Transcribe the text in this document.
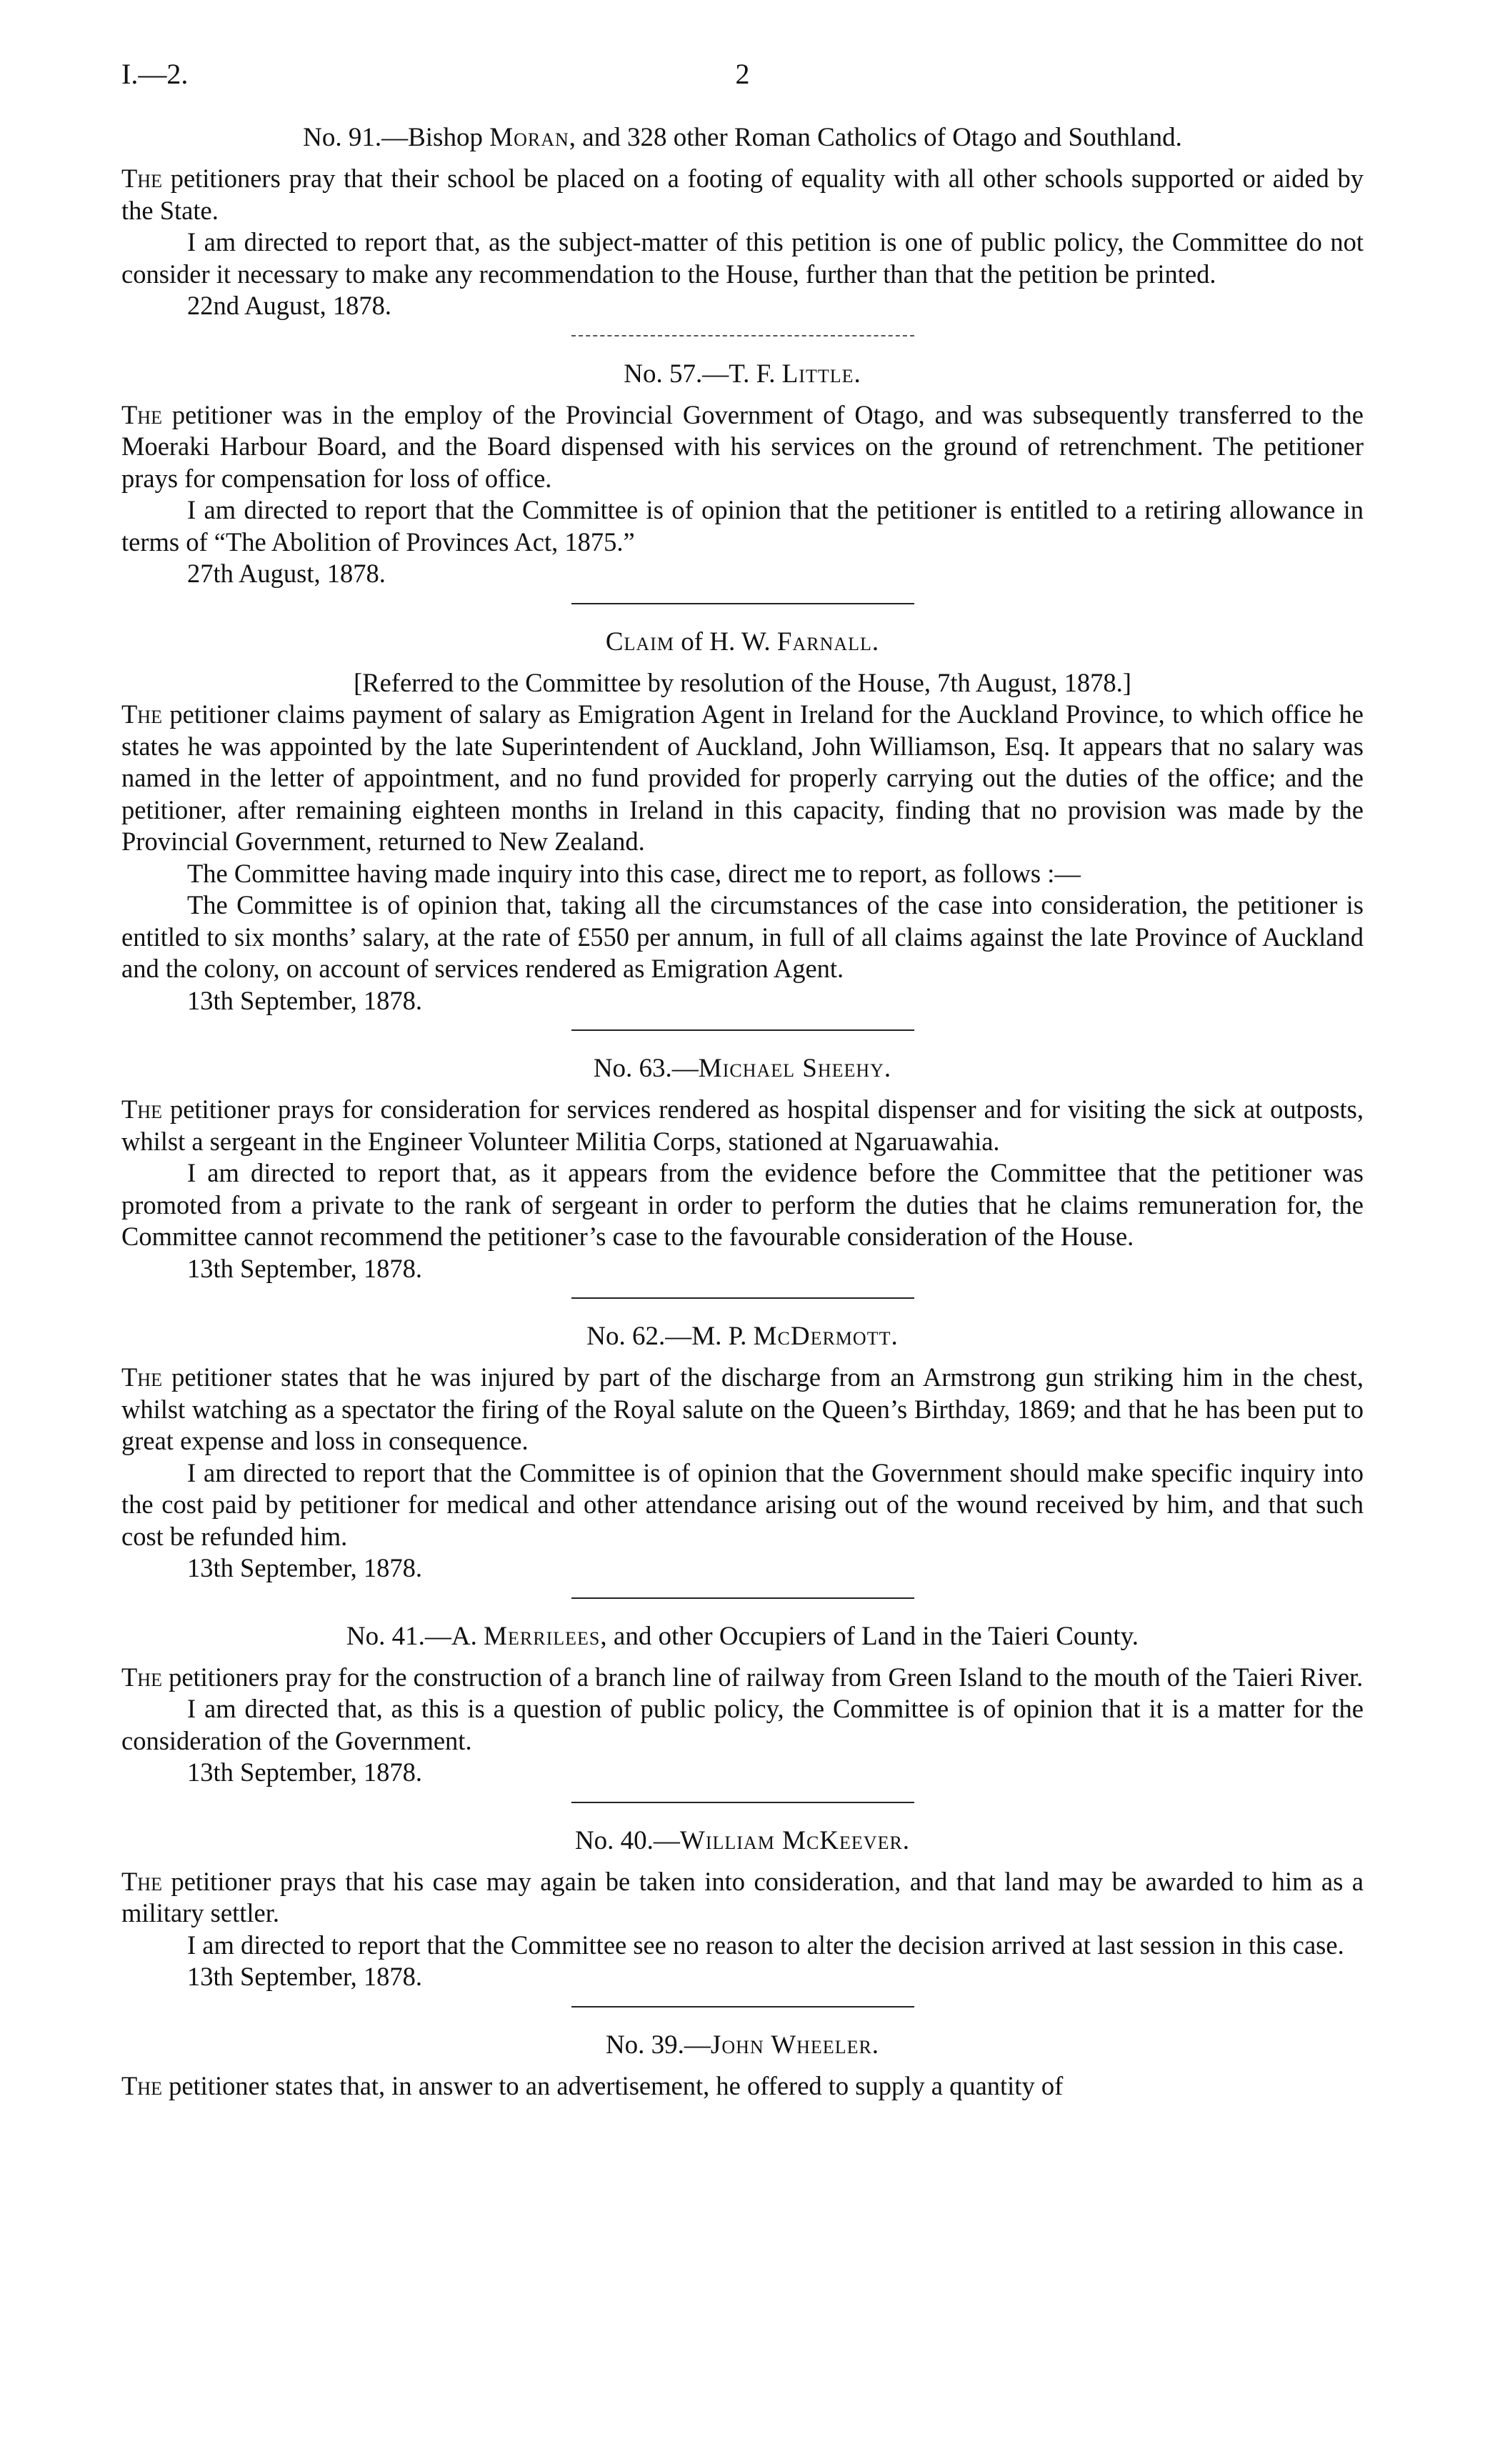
I.—2.	2

No. 91.—Bishop Moran, and 328 other Roman Catholics of Otago and Southland.

The petitioners pray that their school be placed on a footing of equality with all other schools supported or aided by the State.

I am directed to report that, as the subject-matter of this petition is one of public policy, the Committee do not consider it necessary to make any recommendation to the House, further than that the petition be printed.

22nd August, 1878.

No. 57.—T. F. Little.

The petitioner was in the employ of the Provincial Government of Otago, and was subsequently transferred to the Moeraki Harbour Board, and the Board dispensed with his services on the ground of retrenchment. The petitioner prays for compensation for loss of office.

I am directed to report that the Committee is of opinion that the petitioner is entitled to a retiring allowance in terms of “The Abolition of Provinces Act, 1875.”

27th August, 1878.

Claim of H. W. Farnall.

[Referred to the Committee by resolution of the House, 7th August, 1878.]

The petitioner claims payment of salary as Emigration Agent in Ireland for the Auckland Province, to which office he states he was appointed by the late Superintendent of Auckland, John Williamson, Esq. It appears that no salary was named in the letter of appointment, and no fund provided for properly carrying out the duties of the office; and the petitioner, after remaining eighteen months in Ireland in this capacity, finding that no provision was made by the Provincial Government, returned to New Zealand.

The Committee having made inquiry into this case, direct me to report, as follows :—

The Committee is of opinion that, taking all the circumstances of the case into consideration, the petitioner is entitled to six months’ salary, at the rate of £550 per annum, in full of all claims against the late Province of Auckland and the colony, on account of services rendered as Emigration Agent.

13th September, 1878.

No. 63.—Michael Sheehy.

The petitioner prays for consideration for services rendered as hospital dispenser and for visiting the sick at outposts, whilst a sergeant in the Engineer Volunteer Militia Corps, stationed at Ngaruawahia.

I am directed to report that, as it appears from the evidence before the Committee that the petitioner was promoted from a private to the rank of sergeant in order to perform the duties that he claims remuneration for, the Committee cannot recommend the petitioner’s case to the favourable consideration of the House.

13th September, 1878.

No. 62.—M. P. McDermott.

The petitioner states that he was injured by part of the discharge from an Armstrong gun striking him in the chest, whilst watching as a spectator the firing of the Royal salute on the Queen’s Birthday, 1869; and that he has been put to great expense and loss in consequence.

I am directed to report that the Committee is of opinion that the Government should make specific inquiry into the cost paid by petitioner for medical and other attendance arising out of the wound received by him, and that such cost be refunded him.

13th September, 1878.

No. 41.—A. Merrilees, and other Occupiers of Land in the Taieri County.

The petitioners pray for the construction of a branch line of railway from Green Island to the mouth of the Taieri River.

I am directed that, as this is a question of public policy, the Committee is of opinion that it is a matter for the consideration of the Government.

13th September, 1878.

No. 40.—William McKeever.

The petitioner prays that his case may again be taken into consideration, and that land may be awarded to him as a military settler.

I am directed to report that the Committee see no reason to alter the decision arrived at last session in this case.

13th September, 1878.

No. 39.—John Wheeler.

The petitioner states that, in answer to an advertisement, he offered to supply a quantity of
